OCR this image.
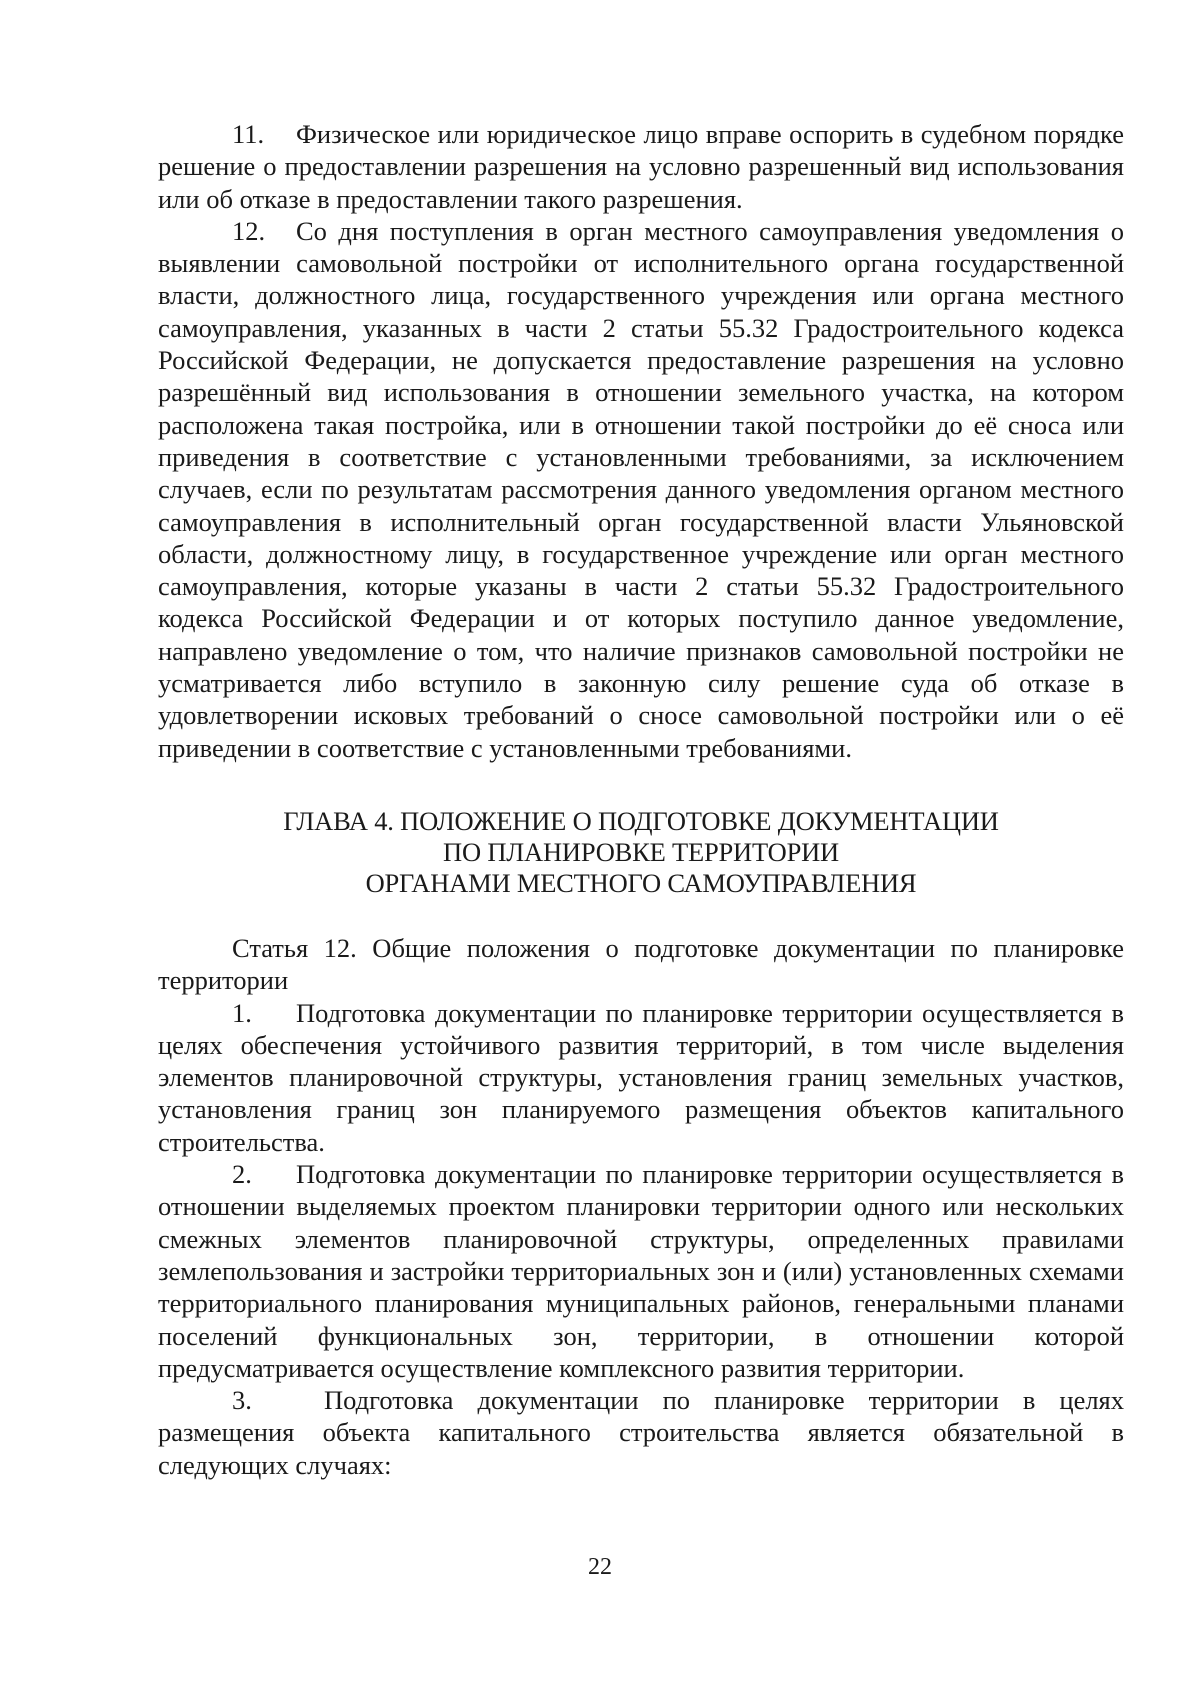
11. Физическое или юридическое лицо вправе оспорить в судебном порядке решение о предоставлении разрешения на условно разрешенный вид использования или об отказе в предоставлении такого разрешения.

12. Со дня поступления в орган местного самоуправления уведомления о выявлении самовольной постройки от исполнительного органа государственной власти, должностного лица, государственного учреждения или органа местного самоуправления, указанных в части 2 статьи 55.32 Градостроительного кодекса Российской Федерации, не допускается предоставление разрешения на условно разрешённый вид использования в отношении земельного участка, на котором расположена такая постройка, или в отношении такой постройки до её сноса или приведения в соответствие с установленными требованиями, за исключением случаев, если по результатам рассмотрения данного уведомления органом местного самоуправления в исполнительный орган государственной власти Ульяновской области, должностному лицу, в государственное учреждение или орган местного самоуправления, которые указаны в части 2 статьи 55.32 Градостроительного кодекса Российской Федерации и от которых поступило данное уведомление, направлено уведомление о том, что наличие признаков самовольной постройки не усматривается либо вступило в законную силу решение суда об отказе в удовлетворении исковых требований о сносе самовольной постройки или о её приведении в соответствие с установленными требованиями.

ГЛАВА 4. ПОЛОЖЕНИЕ О ПОДГОТОВКЕ ДОКУМЕНТАЦИИ
ПО ПЛАНИРОВКЕ ТЕРРИТОРИИ
ОРГАНАМИ МЕСТНОГО САМОУПРАВЛЕНИЯ

Статья 12. Общие положения о подготовке документации по планировке территории

1. Подготовка документации по планировке территории осуществляется в целях обеспечения устойчивого развития территорий, в том числе выделения элементов планировочной структуры, установления границ земельных участков, установления границ зон планируемого размещения объектов капитального строительства.

2. Подготовка документации по планировке территории осуществляется в отношении выделяемых проектом планировки территории одного или нескольких смежных элементов планировочной структуры, определенных правилами землепользования и застройки территориальных зон и (или) установленных схемами территориального планирования муниципальных районов, генеральными планами поселений функциональных зон, территории, в отношении которой предусматривается осуществление комплексного развития территории.

3.	Подготовка документации по планировке территории в целях размещения объекта капитального строительства является обязательной в следующих случаях:

22
